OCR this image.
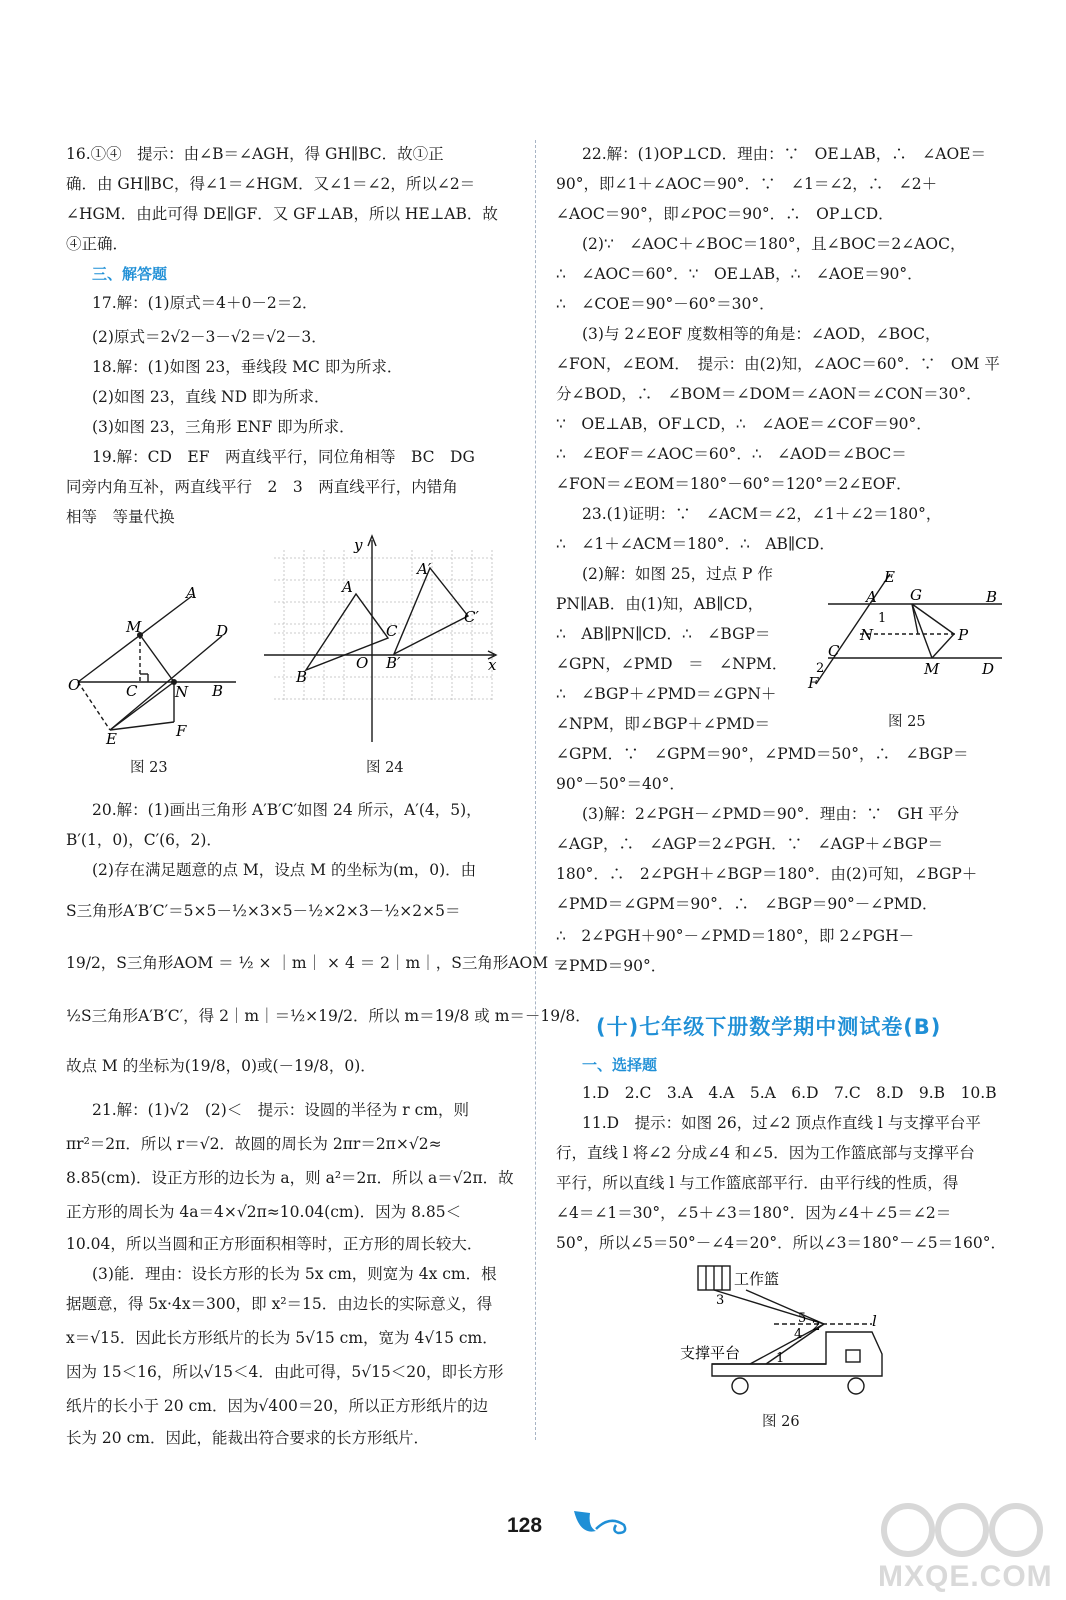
16.①④　提示：由∠B＝∠AGH，得 GH∥BC．故①正
确．由 GH∥BC，得∠1＝∠HGM．又∠1＝∠2，所以∠2＝
∠HGM．由此可得 DE∥GF．又 GF⊥AB，所以 HE⊥AB．故
④正确．
三、解答题
17.解：(1)原式＝4＋0－2＝2．
(2)原式＝2√2－3－√2＝√2－3．
18.解：(1)如图 23，垂线段 MC 即为所求．
(2)如图 23，直线 ND 即为所求．
(3)如图 23，三角形 ENF 即为所求．
19.解：CD　EF　两直线平行，同位角相等　BC　DG
同旁内角互补，两直线平行　2　3　两直线平行，内错角
相等　等量代换
20.解：(1)画出三角形 A′B′C′如图 24 所示，A′(4，5)，
B′(1，0)，C′(6，2)．
(2)存在满足题意的点 M，设点 M 的坐标为(m，0)．由
S三角形A′B′C′＝5×5－½×3×5－½×2×3－½×2×5＝
19/2，S三角形AOM ＝ ½ × ｜m｜ × 4 ＝ 2｜m｜，S三角形AOM ＝
½S三角形A′B′C′，得 2｜m｜＝½×19/2．所以 m＝19/8 或 m＝－19/8．
故点 M 的坐标为(19/8，0)或(－19/8，0)．
21.解：(1)√2　(2)＜　提示：设圆的半径为 r cm，则
πr²＝2π．所以 r＝√2．故圆的周长为 2πr＝2π×√2≈
8.85(cm)．设正方形的边长为 a，则 a²＝2π．所以 a＝√2π．故
正方形的周长为 4a＝4×√2π≈10.04(cm)．因为 8.85＜
10.04，所以当圆和正方形面积相等时，正方形的周长较大．
(3)能．理由：设长方形的长为 5x cm，则宽为 4x cm．根
据题意，得 5x·4x＝300，即 x²＝15．由边长的实际意义，得
x＝√15．因此长方形纸片的长为 5√15 cm，宽为 4√15 cm．
因为 15＜16，所以√15＜4．由此可得，5√15＜20，即长方形
纸片的长小于 20 cm．因为√400＝20，所以正方形纸片的边
长为 20 cm．因此，能裁出符合要求的长方形纸片．
22.解：(1)OP⊥CD．理由：∵　OE⊥AB，∴　∠AOE＝
90°，即∠1＋∠AOC＝90°．∵　∠1＝∠2，∴　∠2＋
∠AOC＝90°，即∠POC＝90°．∴　OP⊥CD．
(2)∵　∠AOC＋∠BOC＝180°，且∠BOC＝2∠AOC，
∴　∠AOC＝60°．∵　OE⊥AB，∴　∠AOE＝90°．
∴　∠COE＝90°－60°＝30°．
(3)与 2∠EOF 度数相等的角是：∠AOD，∠BOC，
∠FON，∠EOM．　提示：由(2)知，∠AOC＝60°．∵　OM 平
分∠BOD，∴　∠BOM＝∠DOM＝∠AON＝∠CON＝30°．
∵　OE⊥AB，OF⊥CD，∴　∠AOE＝∠COF＝90°．
∴　∠EOF＝∠AOC＝60°．∴　∠AOD＝∠BOC＝
∠FON＝∠EOM＝180°－60°＝120°＝2∠EOF．
23.(1)证明：∵　∠ACM＝∠2，∠1＋∠2＝180°，
∴　∠1＋∠ACM＝180°．∴　AB∥CD．
(2)解：如图 25，过点 P 作
PN∥AB．由(1)知，AB∥CD，
∴　AB∥PN∥CD．∴　∠BGP＝
∠GPN，∠PMD　＝　∠NPM．
∴　∠BGP＋∠PMD＝∠GPN＋
∠NPM，即∠BGP＋∠PMD＝
∠GPM．∵　∠GPM＝90°，∠PMD＝50°，∴　∠BGP＝
90°－50°＝40°．
(3)解：2∠PGH－∠PMD＝90°．理由：∵　GH 平分
∠AGP，∴　∠AGP＝2∠PGH．∵　∠AGP＋∠BGP＝
180°．∴　2∠PGH＋∠BGP＝180°．由(2)可知，∠BGP＋
∠PMD＝∠GPM＝90°．∴　∠BGP＝90°－∠PMD．
∴　2∠PGH＋90°－∠PMD＝180°，即 2∠PGH－
∠PMD＝90°．
一、选择题
1.D　2.C　3.A　4.A　5.A　6.D　7.C　8.D　9.B　10.B
11.D　提示：如图 26，过∠2 顶点作直线 l 与支撑平台平
行，直线 l 将∠2 分成∠4 和∠5．因为工作篮底部与支撑平台
平行，所以直线 l 与工作篮底部平行．由平行线的性质，得
∠4＝∠1＝30°，∠5＋∠3＝180°．因为∠4＋∠5＝∠2＝
50°，所以∠5＝50°－∠4＝20°．所以∠3＝180°－∠5＝160°．
A
M	D
O	C	N B
E	F
图 23
y
x
A
A′
C
C′
B
O B′
图 24
E
A G	B
1
N	P
C
2
F
M	D
图 25
(十)七年级下册数学期中测试卷(B)
工作篮
支撑平台
3
5
4
2
1
l
图 26
128
MXQE.COM
